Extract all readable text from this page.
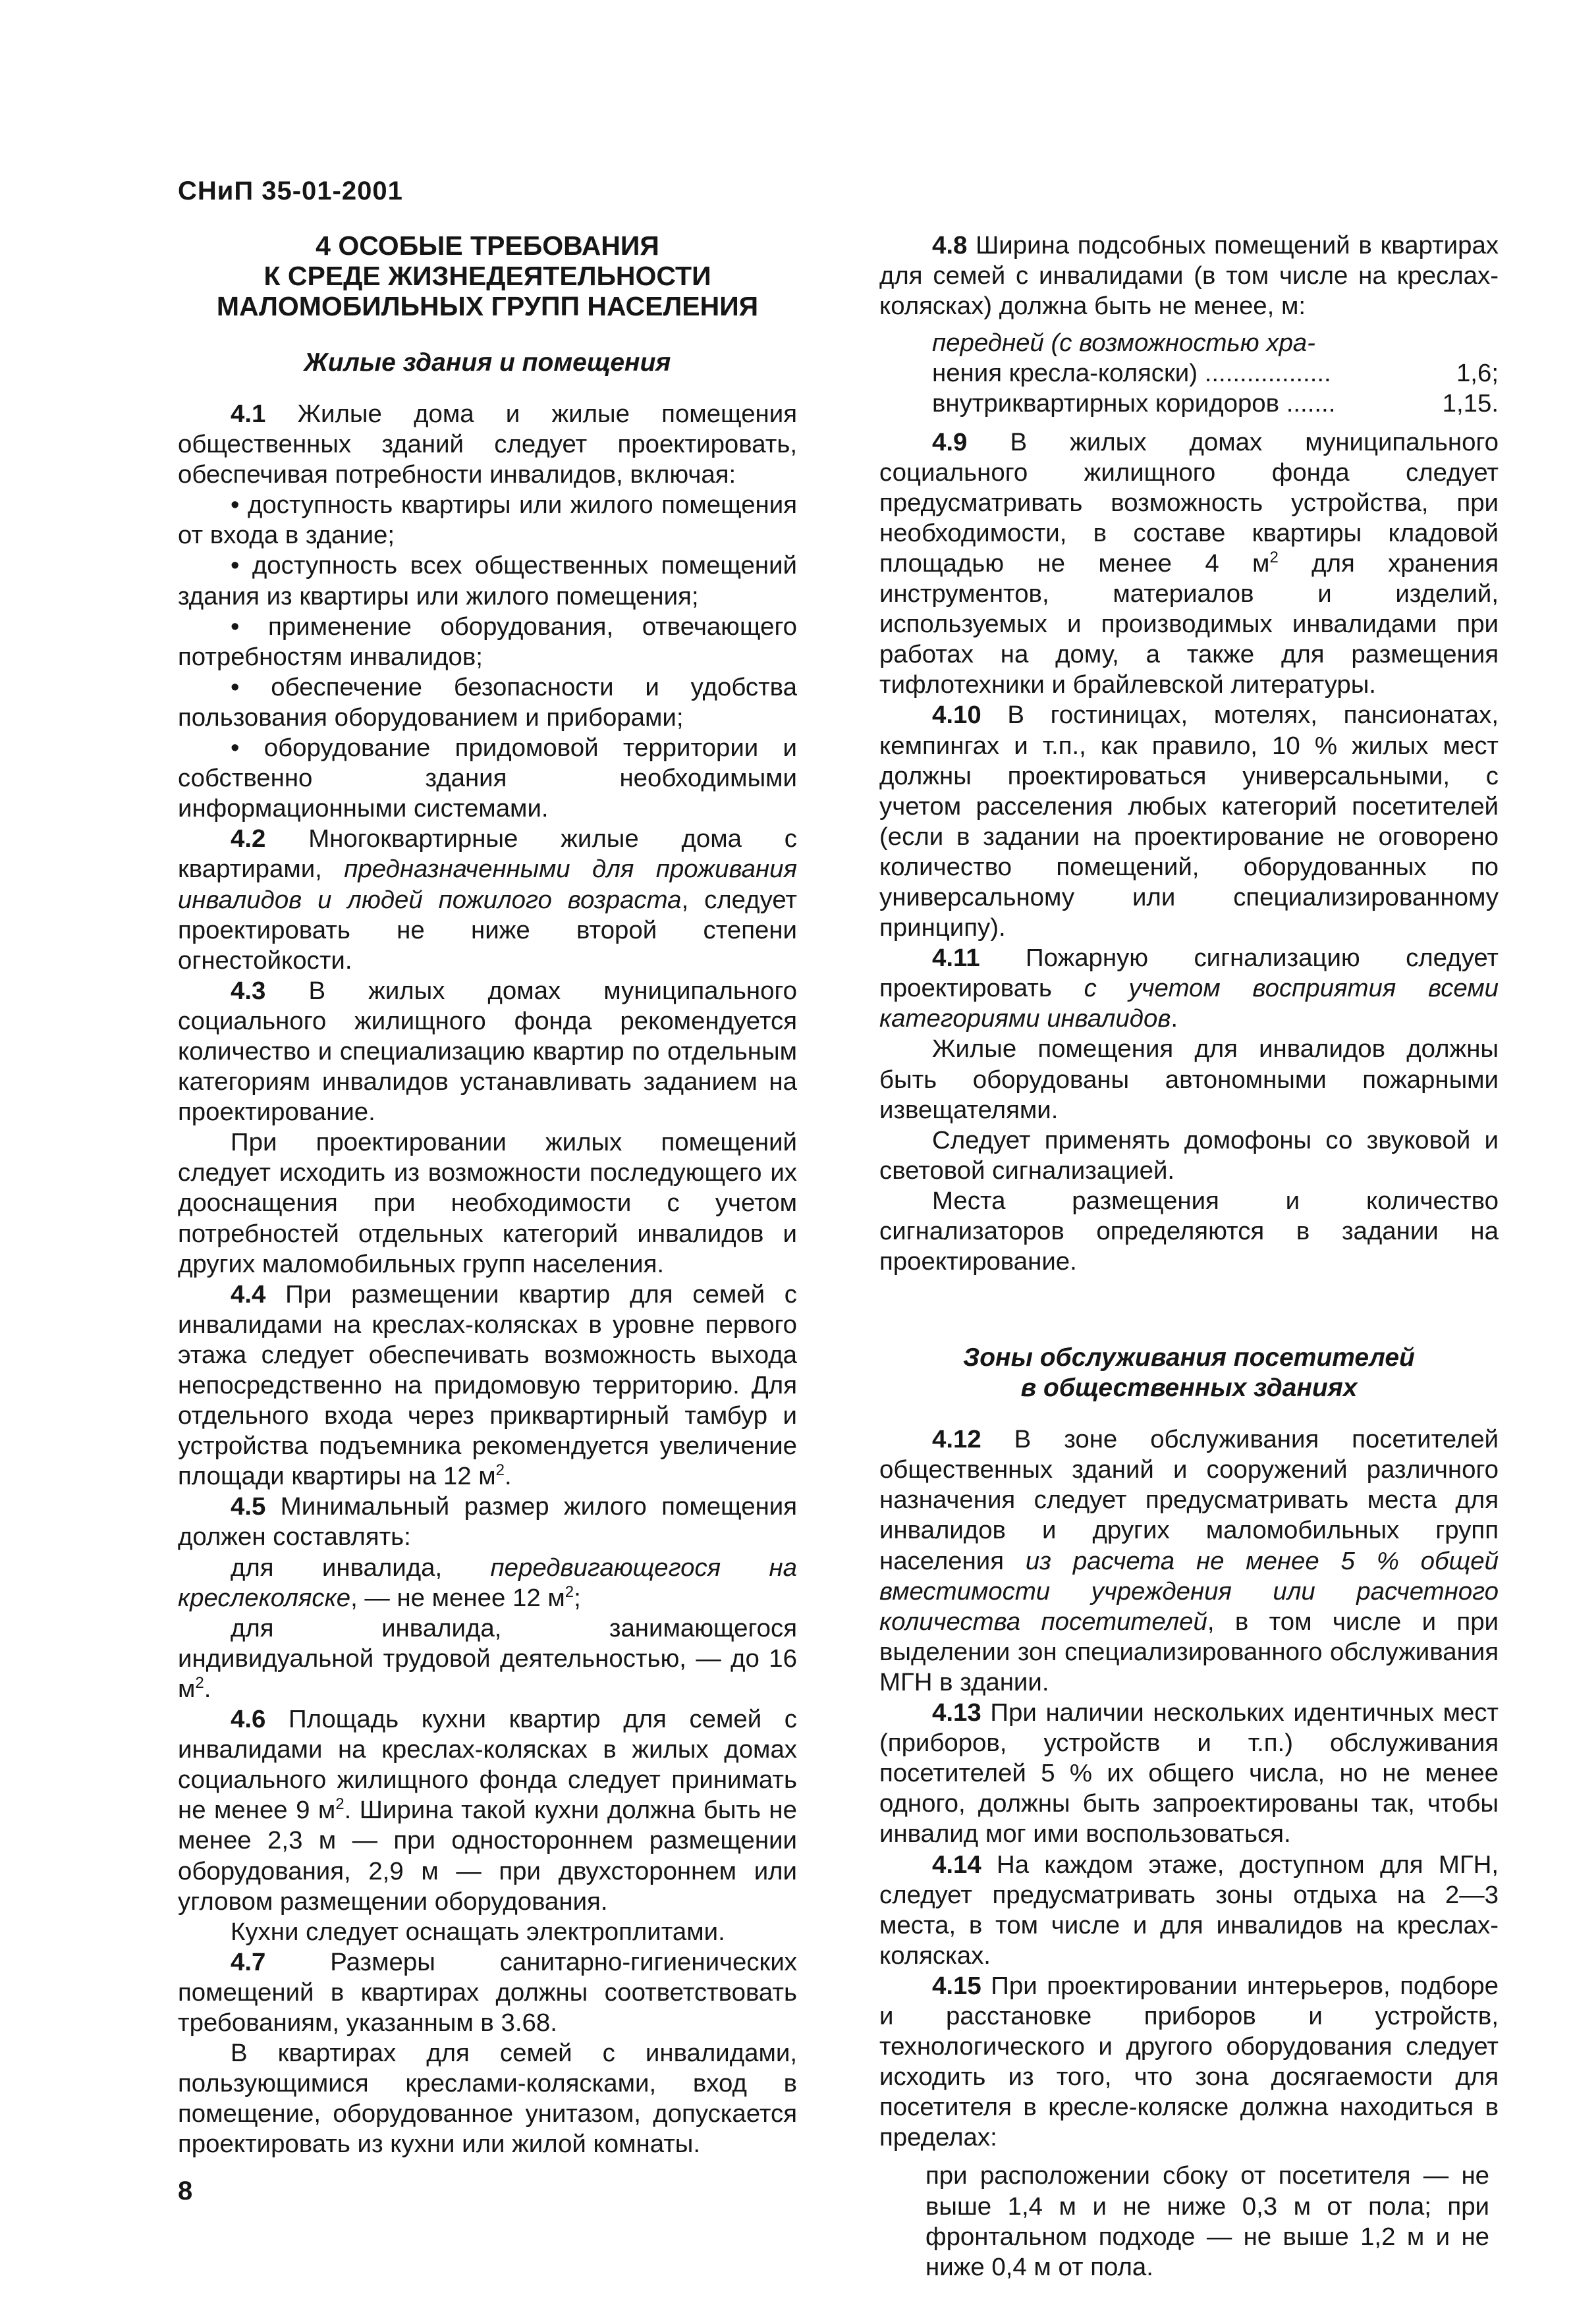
СНиП 35-01-2001
4 ОСОБЫЕ ТРЕБОВАНИЯ
К СРЕДЕ ЖИЗНЕДЕЯТЕЛЬНОСТИ
МАЛОМОБИЛЬНЫХ ГРУПП НАСЕЛЕНИЯ
Жилые здания и помещения

4.1 Жилые дома и жилые помещения общественных зданий следует проектировать, обеспечивая потребности инвалидов, включая:

• доступность квартиры или жилого помещения от входа в здание;

• доступность всех общественных помещений здания из квартиры или жилого помещения;

• применение оборудования, отвечающего потребностям инвалидов;

• обеспечение безопасности и удобства пользования оборудованием и приборами;

• оборудование придомовой территории и собственно здания необходимыми информационными системами.

4.2 Многоквартирные жилые дома с квартирами, предназначенными для проживания инвалидов и людей пожилого возраста, следует проектировать не ниже второй степени огнестойкости.

4.3 В жилых домах муниципального социального жилищного фонда рекомендуется количество и специализацию квартир по отдельным категориям инвалидов устанавливать заданием на проектирование.

При проектировании жилых помещений следует исходить из возможности последующего их дооснащения при необходимости с учетом потребностей отдельных категорий инвалидов и других маломобильных групп населения.

4.4 При размещении квартир для семей с инвалидами на креслах-колясках в уровне первого этажа следует обеспечивать возможность выхода непосредственно на придомовую территорию. Для отдельного входа через приквартирный тамбур и устройства подъемника рекомендуется увеличение площади квартиры на 12 $м^2$.

4.5 Минимальный размер жилого помещения должен составлять:

для инвалида, передвигающегося на креслеколяске, — не менее 12 $м^2$;

для инвалида, занимающегося индивидуальной трудовой деятельностью, — до 16 $м^2$.

4.6 Площадь кухни квартир для семей с инвалидами на креслах-колясках в жилых домах социального жилищного фонда следует принимать не менее 9 $м^2$. Ширина такой кухни должна быть не менее 2,3 м — при одностороннем размещении оборудования, 2,9 м — при двухстороннем или угловом размещении оборудования.

Кухни следует оснащать электроплитами.

4.7 Размеры санитарно-гигиенических помещений в квартирах должны соответствовать требованиям, указанным в 3.68.

В квартирах для семей с инвалидами, пользующимися креслами-колясками, вход в помещение, оборудованное унитазом, допускается проектировать из кухни или жилой комнаты.

4.8 Ширина подсобных помещений в квартирах для семей с инвалидами (в том числе на креслах-колясках) должна быть не менее, м:

передней (с возможностью хра-
нения кресла-коляски) ..................	1,6;
внутриквартирных коридоров .......	1,15.

4.9 В жилых домах муниципального социального жилищного фонда следует предусматривать возможность устройства, при необходимости, в составе квартиры кладовой площадью не менее 4 $м^2$ для хранения инструментов, материалов и изделий, используемых и производимых инвалидами при работах на дому, а также для размещения тифлотехники и брайлевской литературы.

4.10 В гостиницах, мотелях, пансионатах, кемпингах и т.п., как правило, 10 % жилых мест должны проектироваться универсальными, с учетом расселения любых категорий посетителей (если в задании на проектирование не оговорено количество помещений, оборудованных по универсальному или специализированному принципу).

4.11 Пожарную сигнализацию следует проектировать с учетом восприятия всеми категориями инвалидов.

Жилые помещения для инвалидов должны быть оборудованы автономными пожарными извещателями.

Следует применять домофоны со звуковой и световой сигнализацией.

Места размещения и количество сигнализаторов определяются в задании на проектирование.

Зоны обслуживания посетителей
в общественных зданиях

4.12 В зоне обслуживания посетителей общественных зданий и сооружений различного назначения следует предусматривать места для инвалидов и других маломобильных групп населения из расчета не менее 5 % общей вместимости учреждения или расчетного количества посетителей, в том числе и при выделении зон специализированного обслуживания МГН в здании.

4.13 При наличии нескольких идентичных мест (приборов, устройств и т.п.) обслуживания посетителей 5 % их общего числа, но не менее одного, должны быть запроектированы так, чтобы инвалид мог ими воспользоваться.

4.14 На каждом этаже, доступном для МГН, следует предусматривать зоны отдыха на 2—3 места, в том числе и для инвалидов на креслах-колясках.

4.15 При проектировании интерьеров, подборе и расстановке приборов и устройств, технологического и другого оборудования следует исходить из того, что зона досягаемости для посетителя в кресле-коляске должна находиться в пределах:

при расположении сбоку от посетителя — не выше 1,4 м и не ниже 0,3 м от пола; при фронтальном подходе — не выше 1,2 м и не ниже 0,4 м от пола.
8
